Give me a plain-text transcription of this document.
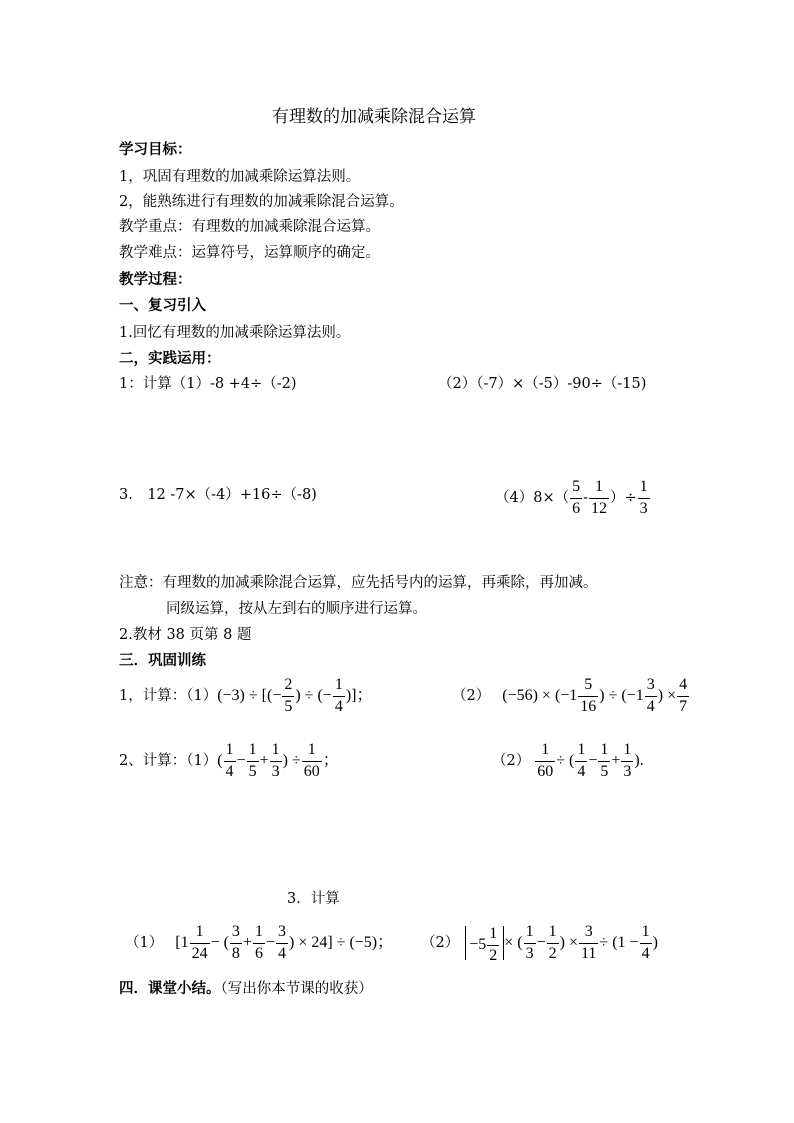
有理数的加减乘除混合运算
学习目标：
1，巩固有理数的加减乘除运算法则。
2，能熟练进行有理数的加减乘除混合运算。
教学重点：有理数的加减乘除混合运算。
教学难点：运算符号，运算顺序的确定。
教学过程：
一、复习引入
1.回忆有理数的加减乘除运算法则。
二，实践运用：
1：计算（1）-8 +4÷（-2)	（2）（-7）×（-5）-90÷（-15)
3.　12 -7×（-4）+16÷（-8)	$(4)8\times( \frac{5}{6} - \frac{1}{12}$ ）÷ $\frac{1}{3}$
注意：有理数的加减乘除混合运算，应先括号内的运算，再乘除，再加减。
同级运算，按从左到右的顺序进行运算。
2.教材 38 页第 8 题
三．巩固训练
1，计算：（1） (−3) ÷ [(− $\frac{2}{5}$ ) ÷ (− $\frac{1}{4}$ )]；	（2） $(-56) \times (-1 \frac{5}{16}$ ) ÷ ($-1 \frac{3}{4}$ ) × $\frac{4}{7}$
2、计算：（1） ( $\frac{1}{4} - \frac{1}{5} + \frac{1}{3}$ ) ÷ $\frac{1}{60}$ ；	$(2) \frac{1}{60}$ ÷ ( $\frac{1}{4} - \frac{1}{5} + \frac{1}{3}$ ).
3．计算
（1） [$1 \frac{1}{24}$ − ( $\frac{3}{8} + \frac{1}{6} - \frac{3}{4}$ ) × 24] ÷ (−5)； $(2) -5 \frac{1}{2}$ × ( $\frac{1}{3} - \frac{1}{2}$ ) × $\frac{3}{11} \div (1 - \frac{1}{4}$ )
四．课堂小结。（写出你本节课的收获）
